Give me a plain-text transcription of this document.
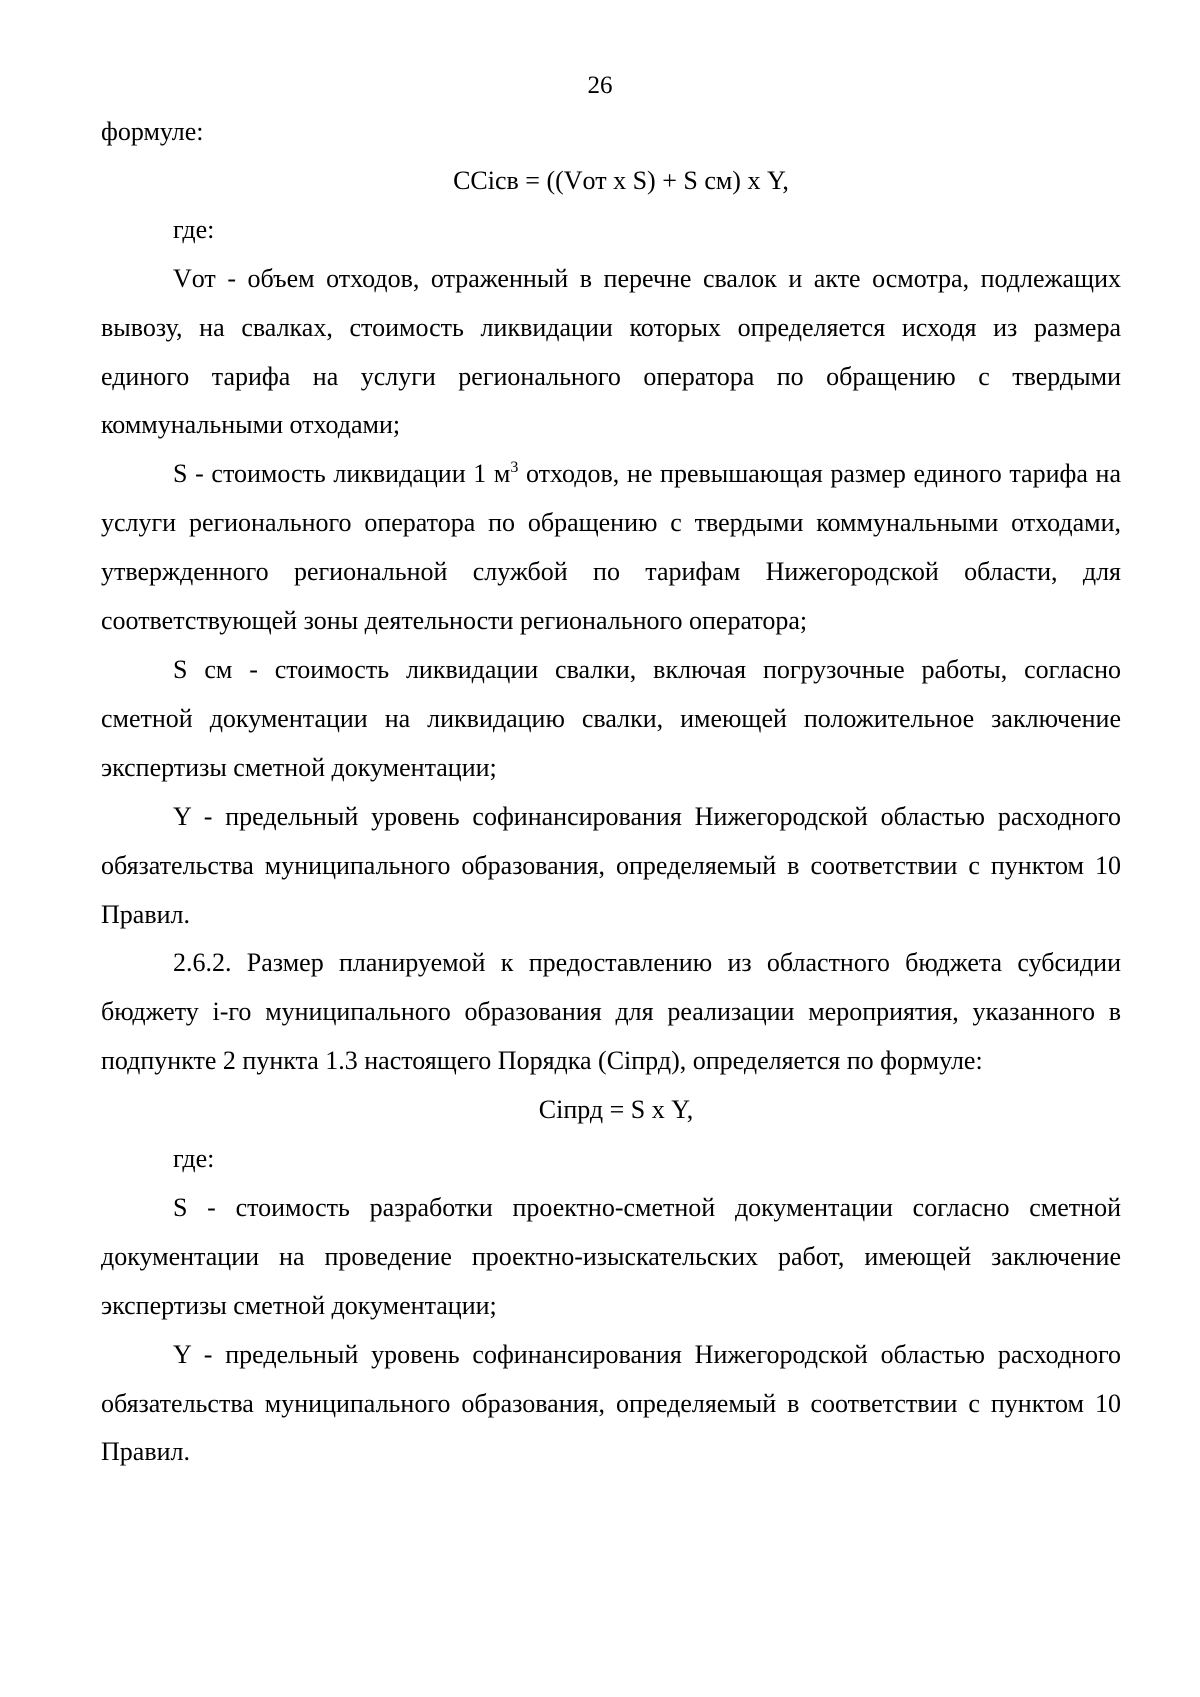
26

формуле:

ССiсв = ((Vот х S) + S см) х Y,

где:

Vот - объем отходов, отраженный в перечне свалок и акте осмотра, подлежащих вывозу, на свалках, стоимость ликвидации которых определяется исходя из размера единого тарифа на услуги регионального оператора по обращению с твердыми коммунальными отходами;

S - стоимость ликвидации 1 $м^3$ отходов, не превышающая размер единого тарифа на услуги регионального оператора по обращению с твердыми коммунальными отходами, утвержденного региональной службой по тарифам Нижегородской области, для соответствующей зоны деятельности регионального оператора;

S см - стоимость ликвидации свалки, включая погрузочные работы, согласно сметной документации на ликвидацию свалки, имеющей положительное заключение экспертизы сметной документации;

Y - предельный уровень софинансирования Нижегородской областью расходного обязательства муниципального образования, определяемый в соответствии с пунктом 10 Правил.

2.6.2. Размер планируемой к предоставлению из областного бюджета субсидии бюджету i-го муниципального образования для реализации мероприятия, указанного в подпункте 2 пункта 1.3 настоящего Порядка (Сiпрд), определяется по формуле:

Сiпрд = S х Y,

где:

S - стоимость разработки проектно-сметной документации согласно сметной документации на проведение проектно-изыскательских работ, имеющей заключение экспертизы сметной документации;

Y - предельный уровень софинансирования Нижегородской областью расходного обязательства муниципального образования, определяемый в соответствии с пунктом 10 Правил.
